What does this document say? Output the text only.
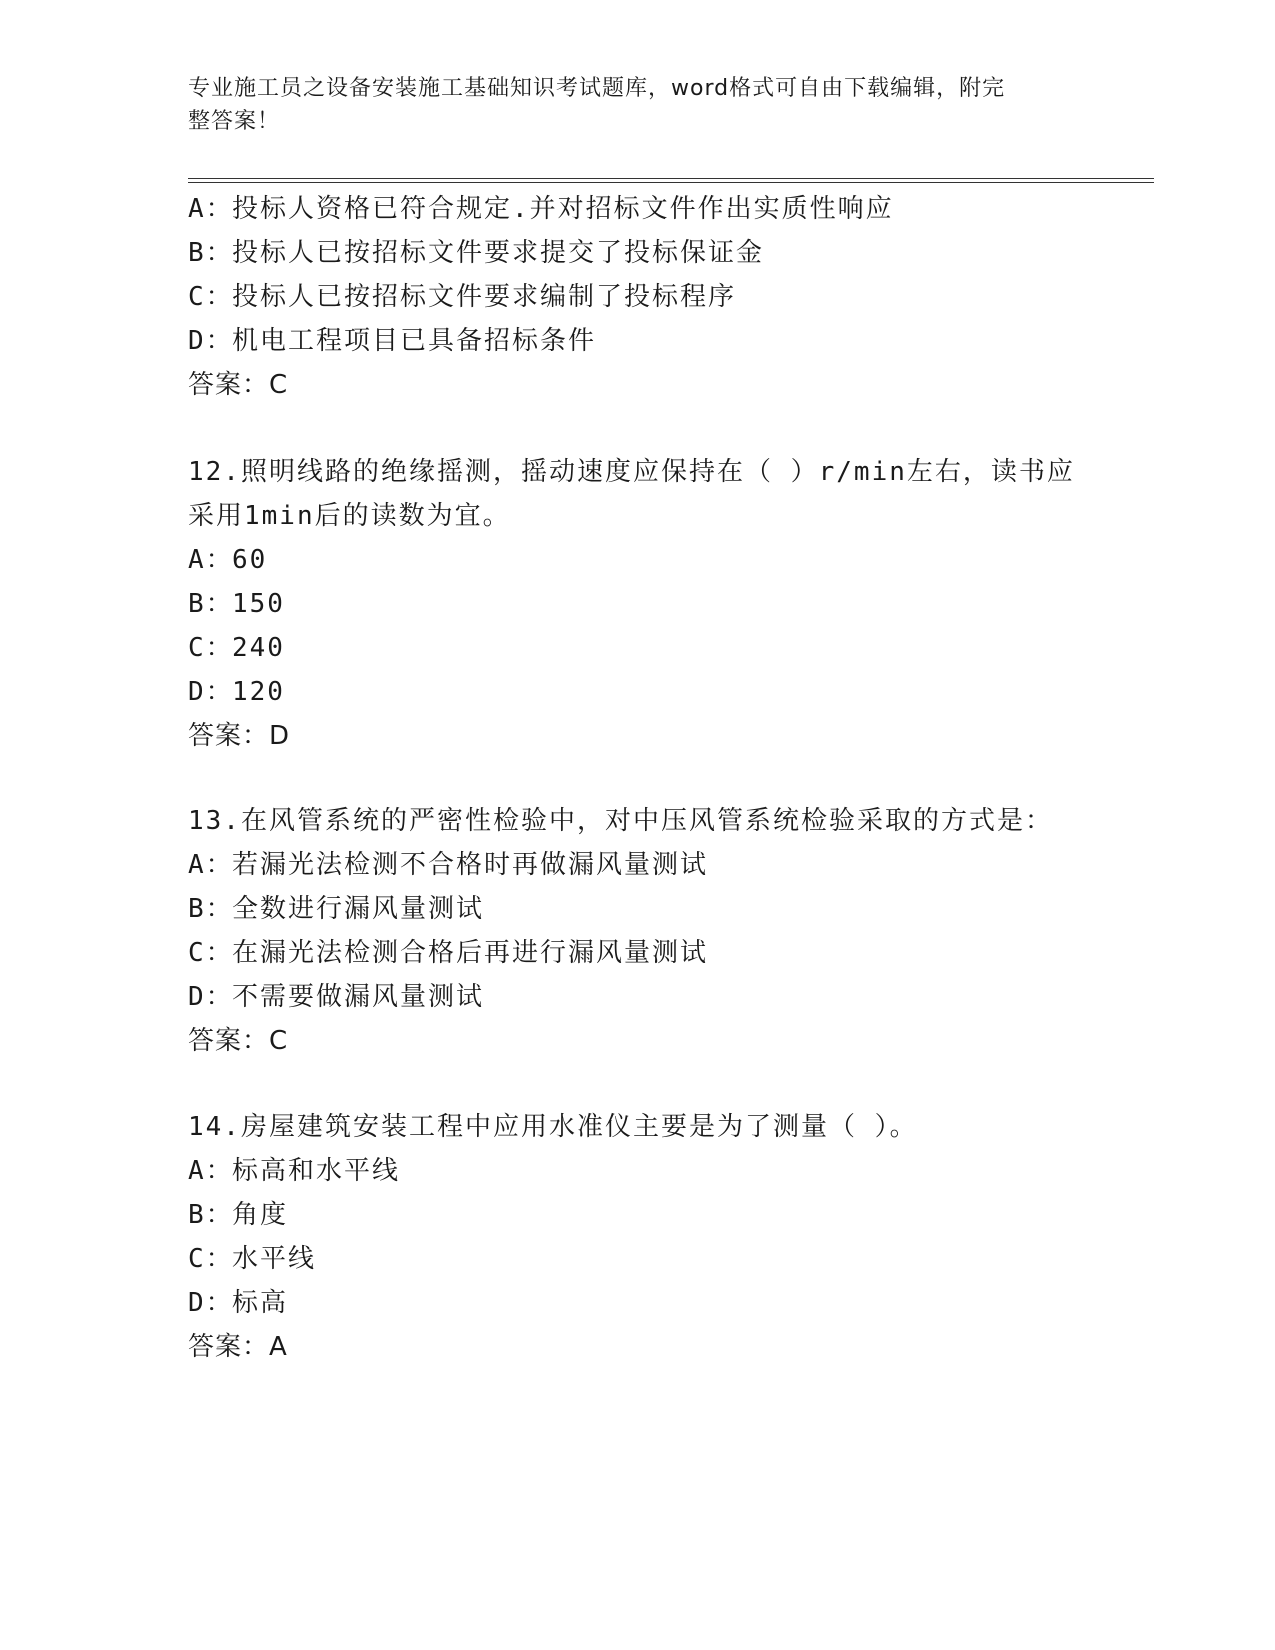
专业施工员之设备安装施工基础知识考试题库，word格式可自由下载编辑，附完
整答案！
A：投标人资格已符合规定.并对招标文件作出实质性响应
B：投标人已按招标文件要求提交了投标保证金
C：投标人已按招标文件要求编制了投标程序
D：机电工程项目已具备招标条件
答案：C
12.照明线路的绝缘摇测，摇动速度应保持在（ ）r/min左右，读书应
采用1min后的读数为宜。
A：60
B：150
C：240
D：120
答案：D
13.在风管系统的严密性检验中，对中压风管系统检验采取的方式是：
A：若漏光法检测不合格时再做漏风量测试
B：全数进行漏风量测试
C：在漏光法检测合格后再进行漏风量测试
D：不需要做漏风量测试
答案：C
14.房屋建筑安装工程中应用水准仪主要是为了测量（ ）。
A：标高和水平线
B：角度
C：水平线
D：标高
答案：A
